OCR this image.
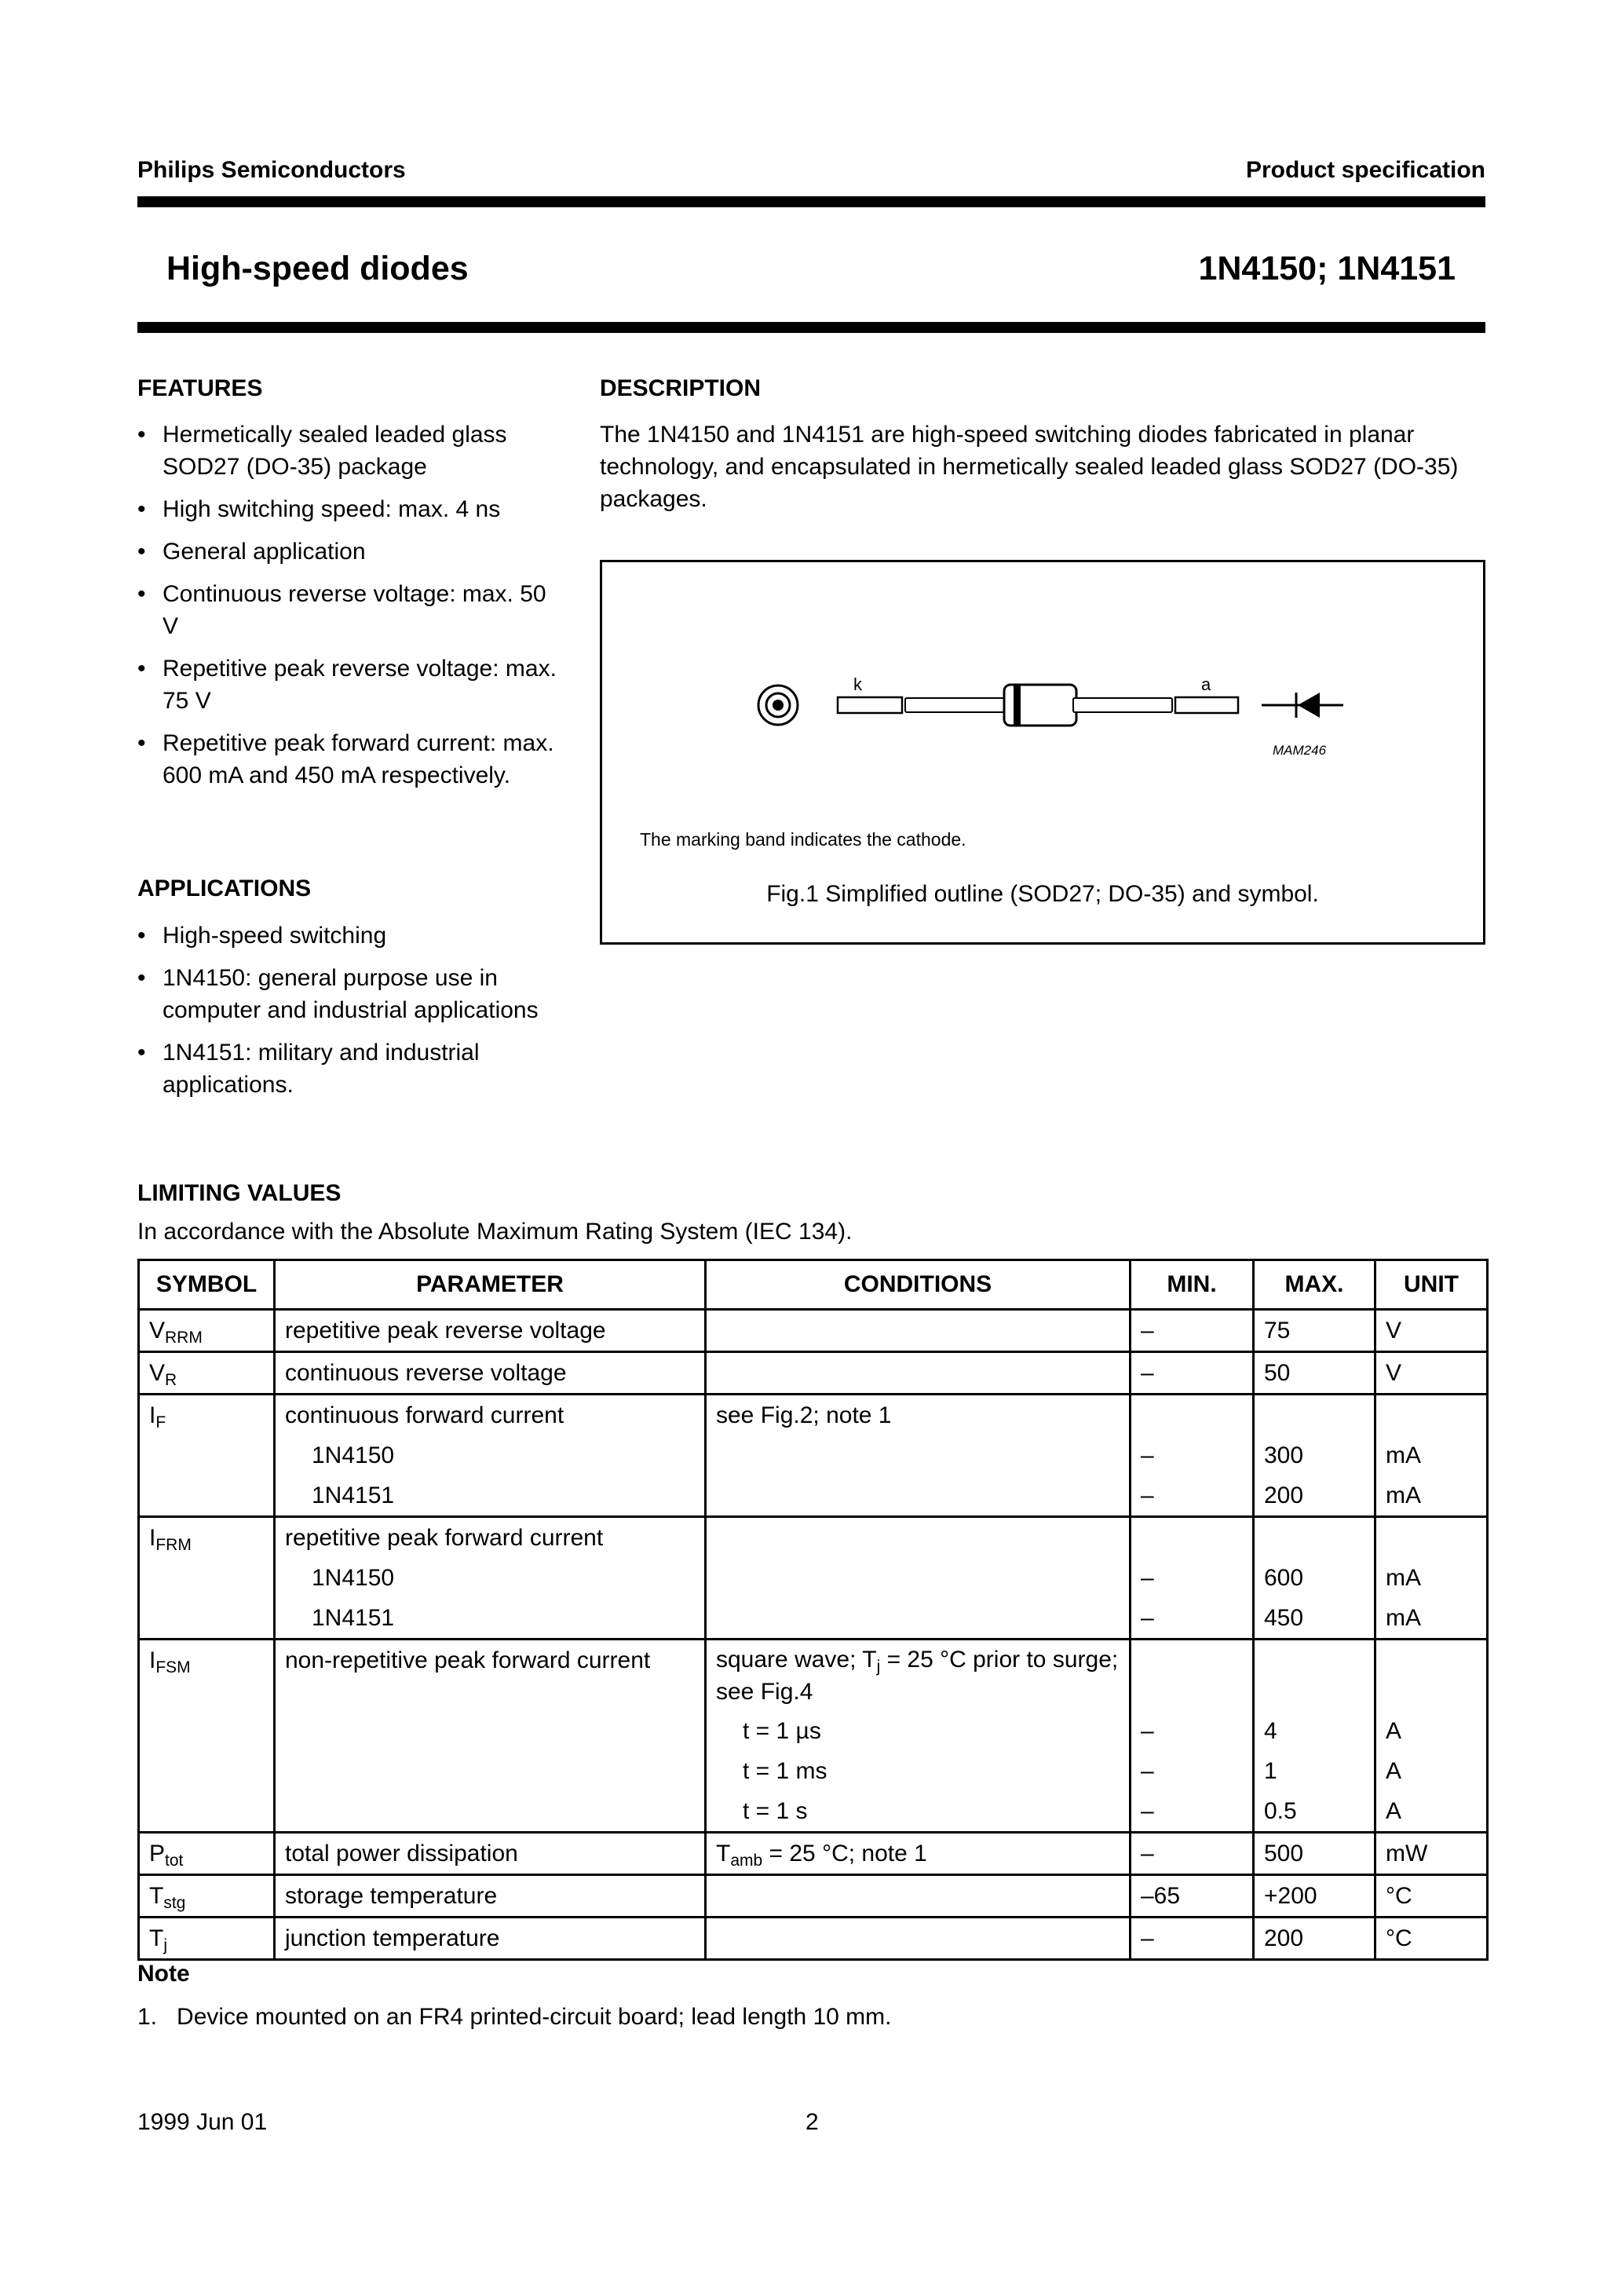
Philips Semiconductors	Product specification
High-speed diodes	1N4150; 1N4151
FEATURES
• Hermetically sealed leaded glass SOD27 (DO-35) package
• High switching speed: max. 4 ns
• General application
• Continuous reverse voltage: max. 50 V
• Repetitive peak reverse voltage: max. 75 V
• Repetitive peak forward current: max. 600 mA and 450 mA respectively.
APPLICATIONS
• High-speed switching
• 1N4150: general purpose use in computer and industrial applications
• 1N4151: military and industrial applications.
DESCRIPTION
The 1N4150 and 1N4151 are high-speed switching diodes fabricated in planar technology, and encapsulated in hermetically sealed leaded glass SOD27 (DO-35) packages.
k	a
MAM246
The marking band indicates the cathode.
Fig.1 Simplified outline (SOD27; DO-35) and symbol.
LIMITING VALUES
In accordance with the Absolute Maximum Rating System (IEC 134).
SYMBOL	PARAMETER	CONDITIONS	MIN.	MAX.	UNIT
$V_{RRM}$	repetitive peak reverse voltage		–	75	V
$V_R$	continuous reverse voltage		–	50	V
$I_F$	continuous forward current	see Fig.2; note 1			
	1N4150		–	300	mA
	1N4151		–	200	mA
$I_{FRM}$	repetitive peak forward current				
	1N4150		–	600	mA
	1N4151		–	450	mA
$I_{FSM}$	non-repetitive peak forward current	square wave; $T_j = 25$ °C prior to surge; see Fig.4			
		t = 1 µs	–	4	A
		t = 1 ms	–	1	A
		t = 1 s	–	0.5	A
$P_{tot}$	total power dissipation	$T_{amb} = 25$ °C; note 1	–	500	mW
$T_{stg}$	storage temperature		–65	+200	°C
$T_j$	junction temperature		–	200	°C
Note
1.   Device mounted on an FR4 printed-circuit board; lead length 10 mm.
1999 Jun 01	2
